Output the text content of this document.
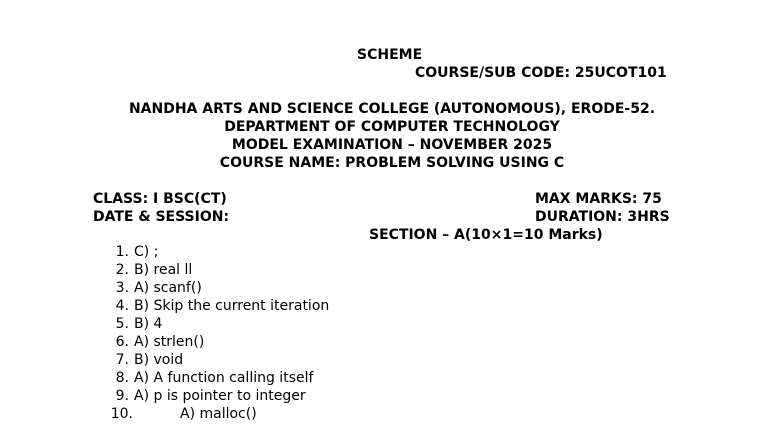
SCHEME
COURSE/SUB CODE: 25UCOT101
NANDHA ARTS AND SCIENCE COLLEGE (AUTONOMOUS), ERODE-52.
DEPARTMENT OF COMPUTER TECHNOLOGY
MODEL EXAMINATION – NOVEMBER 2025
COURSE NAME: PROBLEM SOLVING USING C
CLASS: I BSC(CT)
DATE & SESSION:
MAX MARKS: 75
DURATION: 3HRS
SECTION – A(10×1=10 Marks)
1. C) ;
2. B) real ll
3. A) scanf()
4. B) Skip the current iteration
5. B) 4
6. A) strlen()
7. B) void
8. A) A function calling itself
9. A) p is pointer to integer
10.	A) malloc()
